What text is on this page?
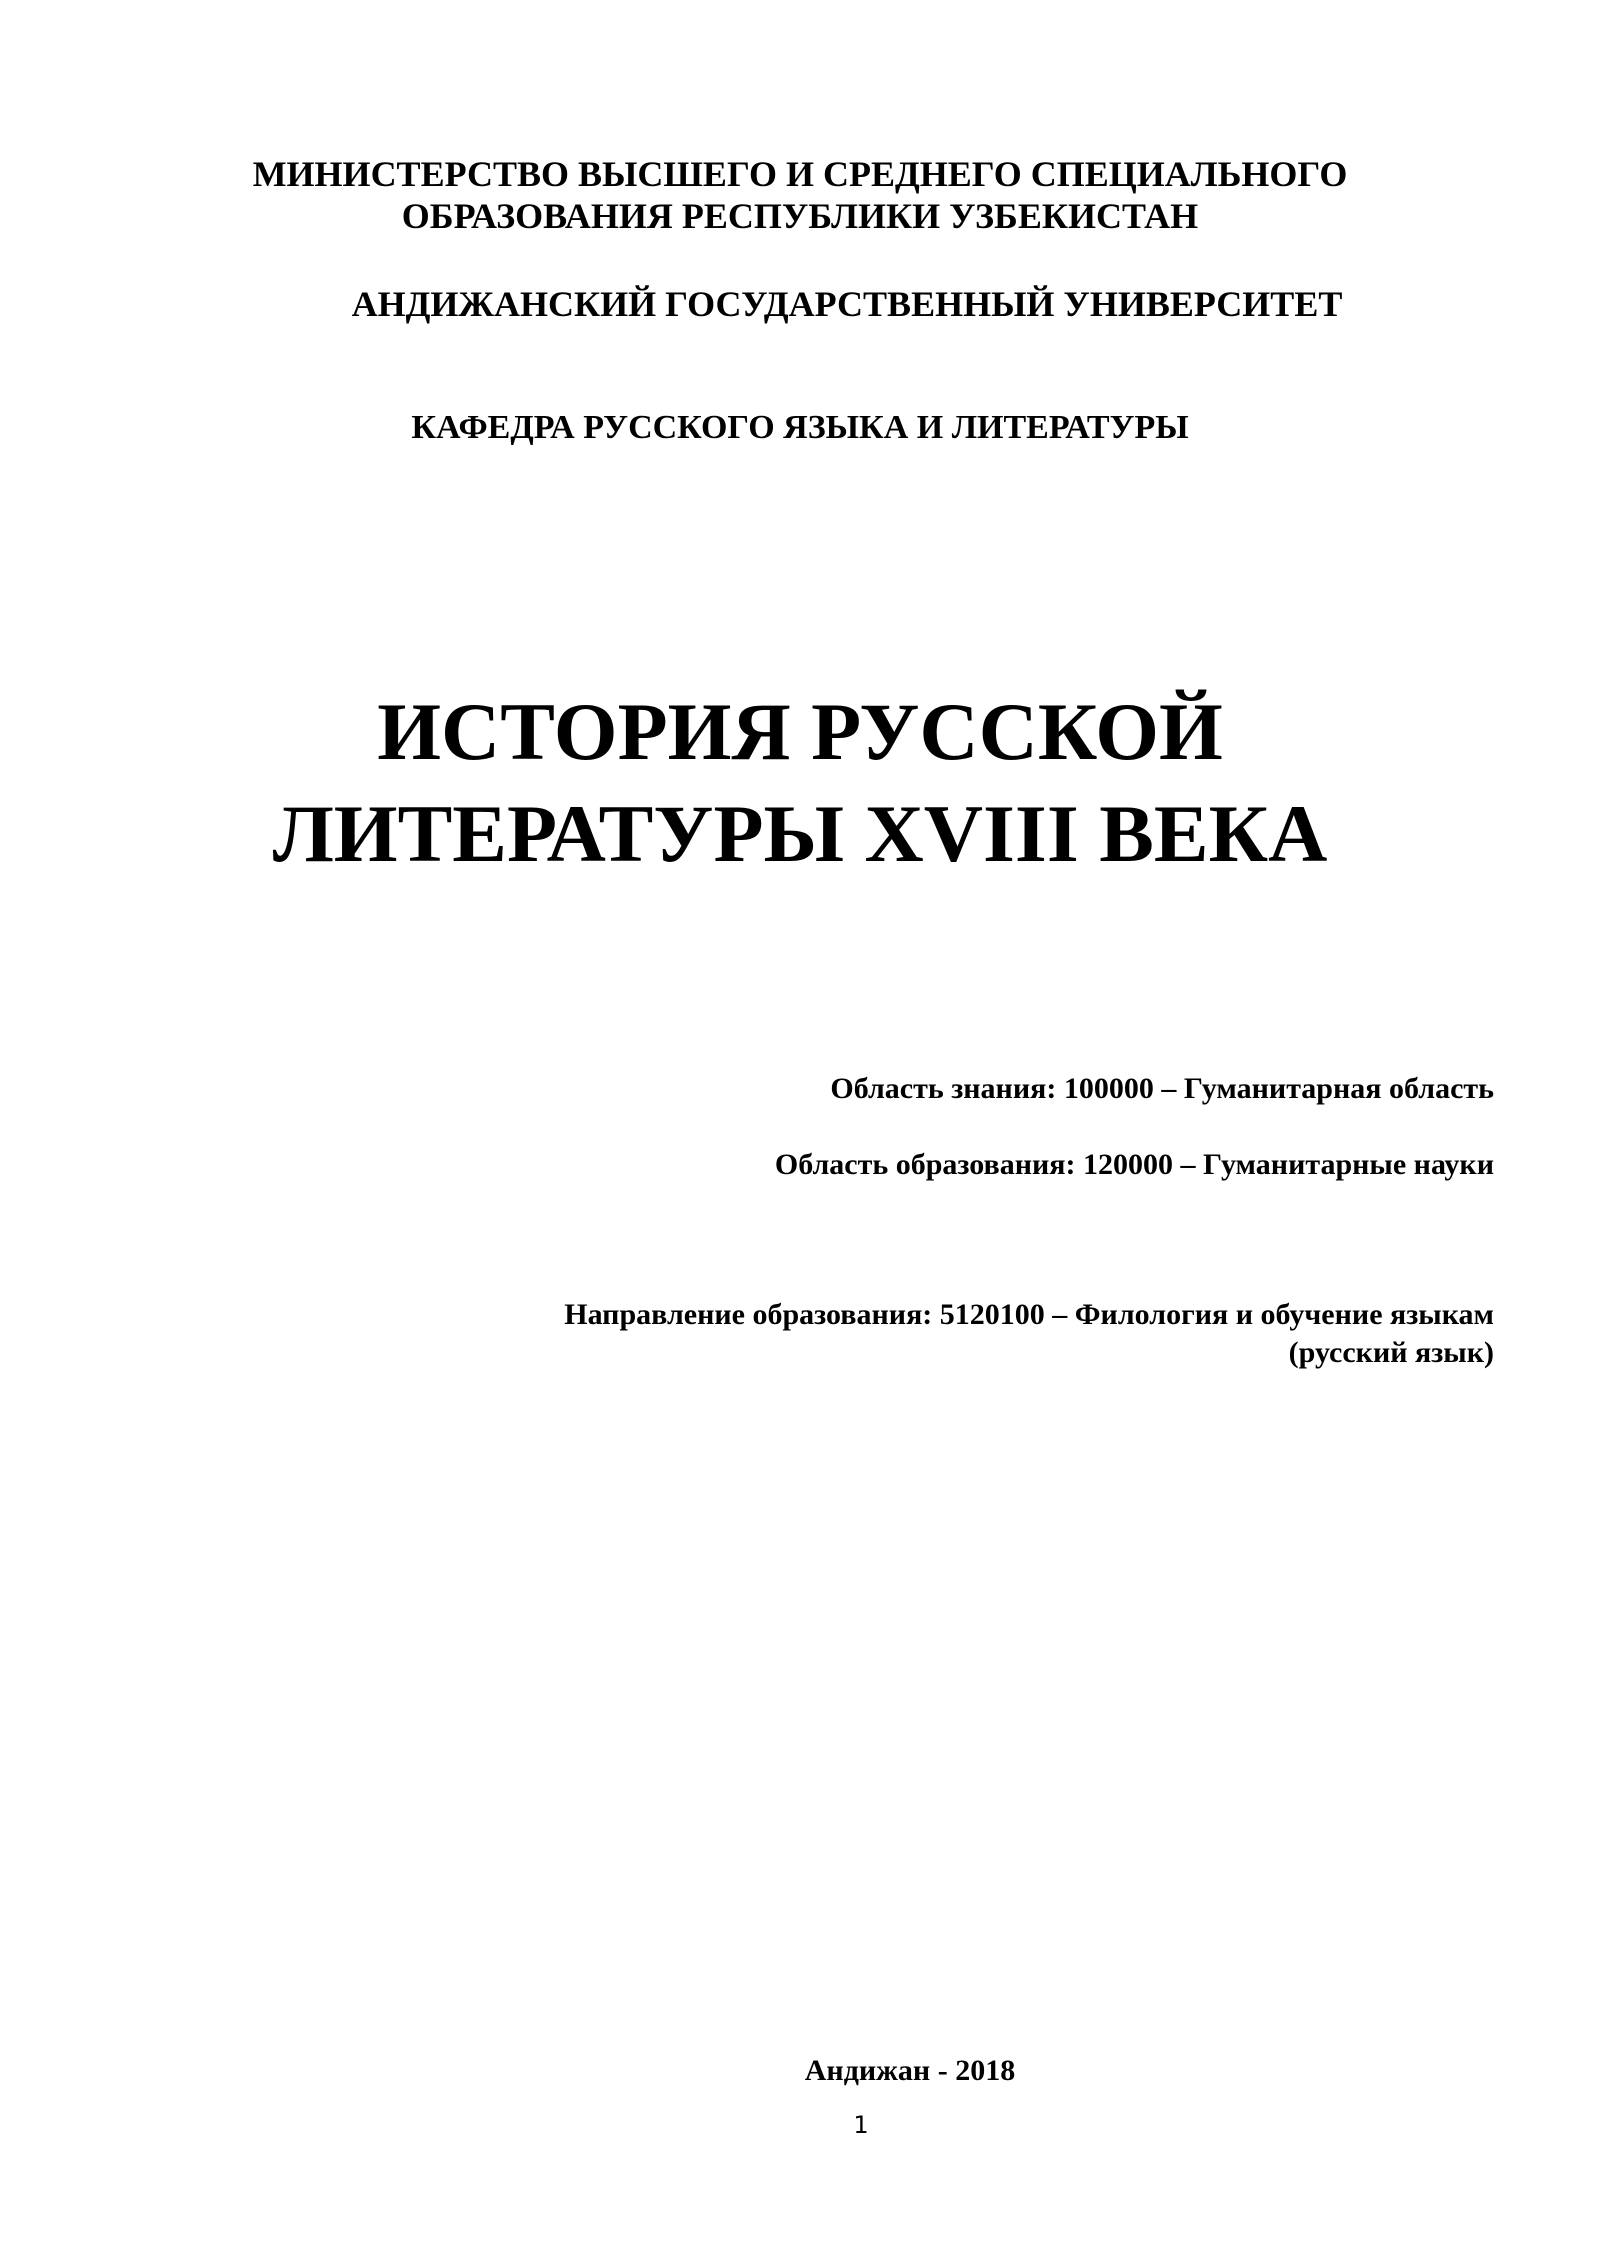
МИНИСТЕРСТВО ВЫСШЕГО И СРЕДНЕГО СПЕЦИАЛЬНОГО

ОБРАЗОВАНИЯ РЕСПУБЛИКИ УЗБЕКИСТАН

АНДИЖАНСКИЙ ГОСУДАРСТВЕННЫЙ УНИВЕРСИТЕТ

КАФЕДРА РУССКОГО ЯЗЫКА И ЛИТЕРАТУРЫ

ИСТОРИЯ РУССКОЙ
ЛИТЕРАТУРЫ XVIII ВЕКА

Область знания: 100000 – Гуманитарная область

Область образования: 120000 – Гуманитарные науки

Направление образования: 5120100 – Филология и обучение языкам

(русский язык)

Андижан - 2018

1
